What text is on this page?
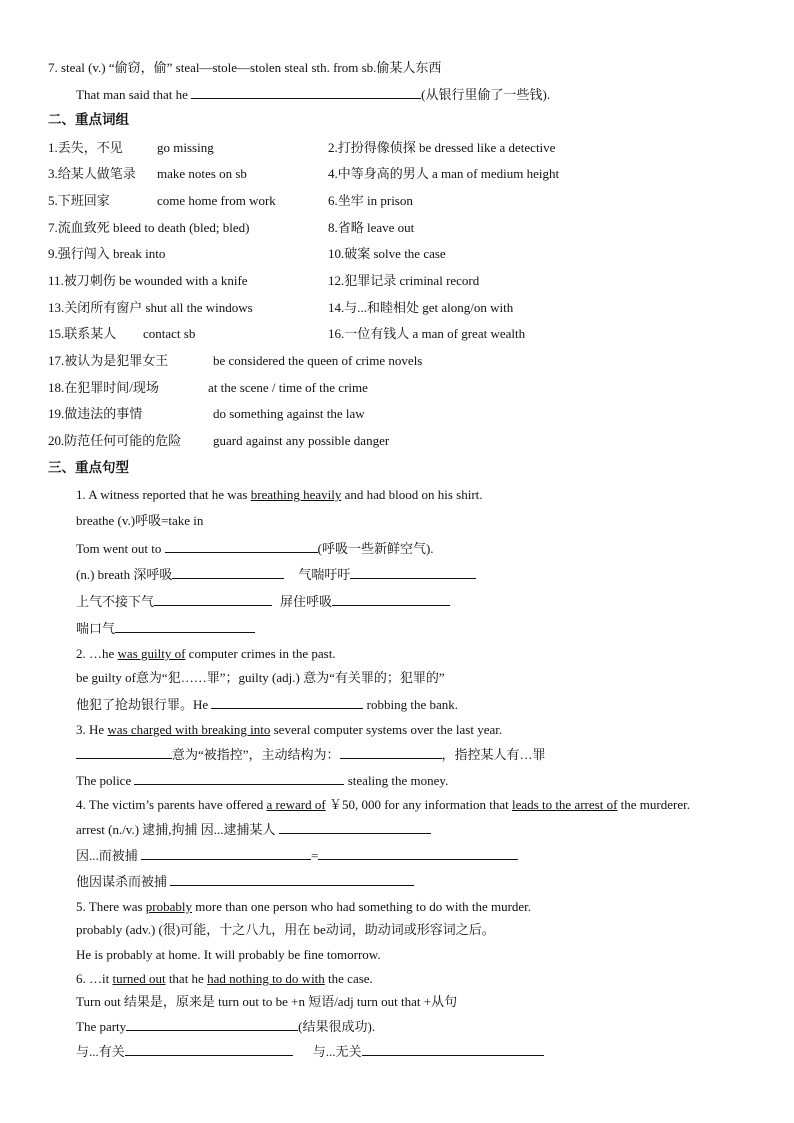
7. steal (v.) “偷窃，偷” steal—stole—stolen steal sth. from sb.偷某人东西
That man said that he	(从银行里偷了一些钱).
二、重点词组
1.丢失，不见	go missing	2.打扮得像侦探 be dressed like a detective
3.给某人做笔录 make notes on sb	4.中等身高的男人 a man of medium height
5.下班回家	come home from work	6.坐牢 in prison
7.流血致死 bleed to death (bled; bled)	8.省略 leave out
9.强行闯入 break into	10.破案 solve the case
11.被刀刺伤 be wounded with a knife	12.犯罪记录 criminal record
13.关闭所有窗户 shut all the windows	14.与...和睦相处 get along/on with
15.联系某人 contact sb	16.一位有钱人 a man of great wealth
17.被认为是犯罪女王	be considered the queen of crime novels
18.在犯罪时间/现场	at the scene / time of the crime
19.做违法的事情	do something against the law
20.防范任何可能的危险 guard against any possible danger
三、重点句型
1. A witness reported that he was breathing heavily and had blood on his shirt.
breathe (v.)呼吸=take in
Tom went out to	(呼吸一些新鲜空气).
(n.) breath 深呼吸	气喘吁吁
上气不接下气	屏住呼吸
喘口气
2. …he was guilty of computer crimes in the past.
be guilty of意为“犯……罪”；guilty (adj.) 意为“有关罪的；犯罪的”
他犯了抢劫银行罪。He	robbing the bank.
3. He was charged with breaking into several computer systems over the last year.
意为“被指控”，主动结构为：	，指控某人有…罪
The police	stealing the money.
4. The victim’s parents have offered a reward of ￥50, 000 for any information that leads to the arrest of the murderer.
arrest (n./v.) 逮捕,拘捕 因...逮捕某人
因...而被捕	=
他因谋杀而被捕
5. There was probably more than one person who had something to do with the murder.
probably (adv.) (很)可能，十之八九，用在 be动词，助动词或形容词之后。
He is probably at home. It will probably be fine tomorrow.
6. …it turned out that he had nothing to do with the case.
Turn out 结果是，原来是 turn out to be +n 短语/adj turn out that +从句
The party	(结果很成功).
与...有关	与...无关
